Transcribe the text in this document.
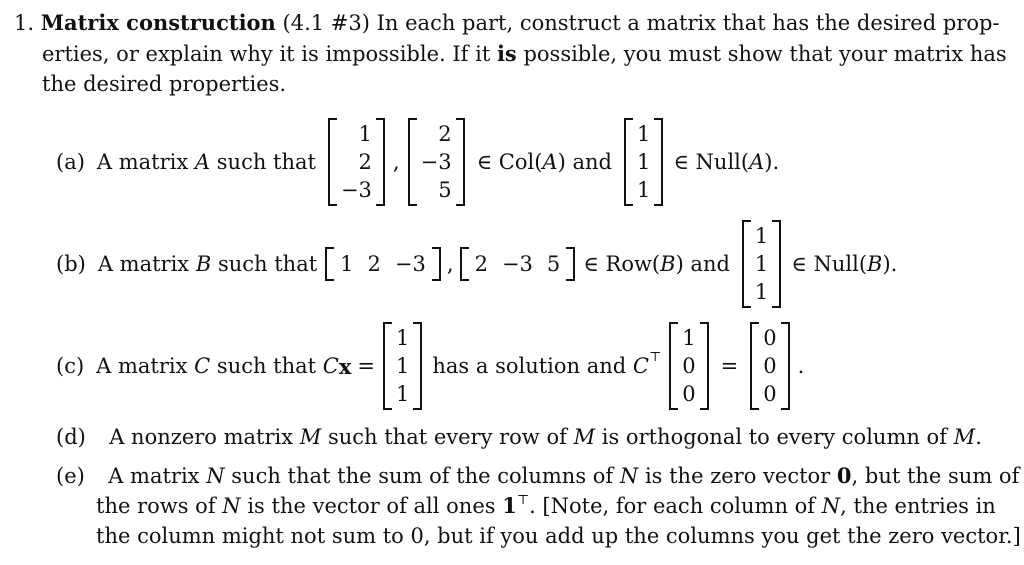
1. Matrix construction (4.1 #3) In each part, construct a matrix that has the desired prop-
erties, or explain why it is impossible. If it is possible, you must show that your matrix has
the desired properties.
(a) A matrix
A
such that
1
2
−3
,
2
−3
5
∈ Col( A ) and
1
1
1
∈ Null( A ).
(b) A matrix
B
such that 1 2 −3 , 2 −3 5 ∈ Row( B ) and
1
1
1
∈ Null( B ).
(c) A matrix
C
such that
C x =
1
1
1
has a solution and
C ⊤
1
0
0
=
0
0
0
.
(d) A nonzero matrix M such that every row of M is orthogonal to every column of M.
(e) A matrix N such that the sum of the columns of N is the zero vector 0, but the sum of
the rows of N is the vector of all ones 1⊤. [Note, for each column of N, the entries in
the column might not sum to 0, but if you add up the columns you get the zero vector.]
